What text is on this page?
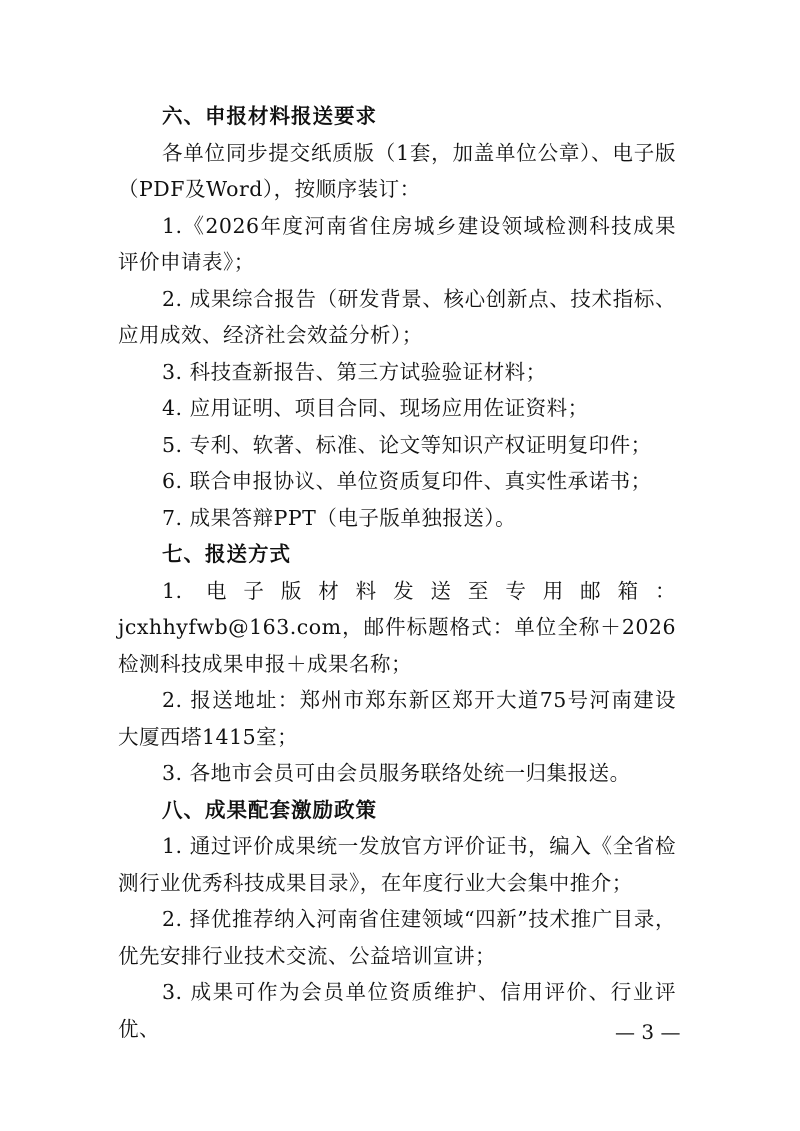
六、申报材料报送要求
各单位同步提交纸质版（1套，加盖单位公章）、电子版（PDF及Word），按顺序装订：
1.《2026年度河南省住房城乡建设领域检测科技成果评价申请表》；
2. 成果综合报告（研发背景、核心创新点、技术指标、应用成效、经济社会效益分析）；
3. 科技查新报告、第三方试验验证材料；
4. 应用证明、项目合同、现场应用佐证资料；
5. 专利、软著、标准、论文等知识产权证明复印件；
6. 联合申报协议、单位资质复印件、真实性承诺书；
7. 成果答辩PPT（电子版单独报送）。
七、报送方式
1. 电子版材料发送至专用邮箱：jcxhhyfwb@163.com，邮件标题格式：单位全称＋2026检测科技成果申报＋成果名称；
2. 报送地址：郑州市郑东新区郑开大道75号河南建设大厦西塔1415室；
3. 各地市会员可由会员服务联络处统一归集报送。
八、成果配套激励政策
1. 通过评价成果统一发放官方评价证书，编入《全省检测行业优秀科技成果目录》，在年度行业大会集中推介；
2. 择优推荐纳入河南省住建领域“四新”技术推广目录，优先安排行业技术交流、公益培训宣讲；
3. 成果可作为会员单位资质维护、信用评价、行业评优、	— 3 —
